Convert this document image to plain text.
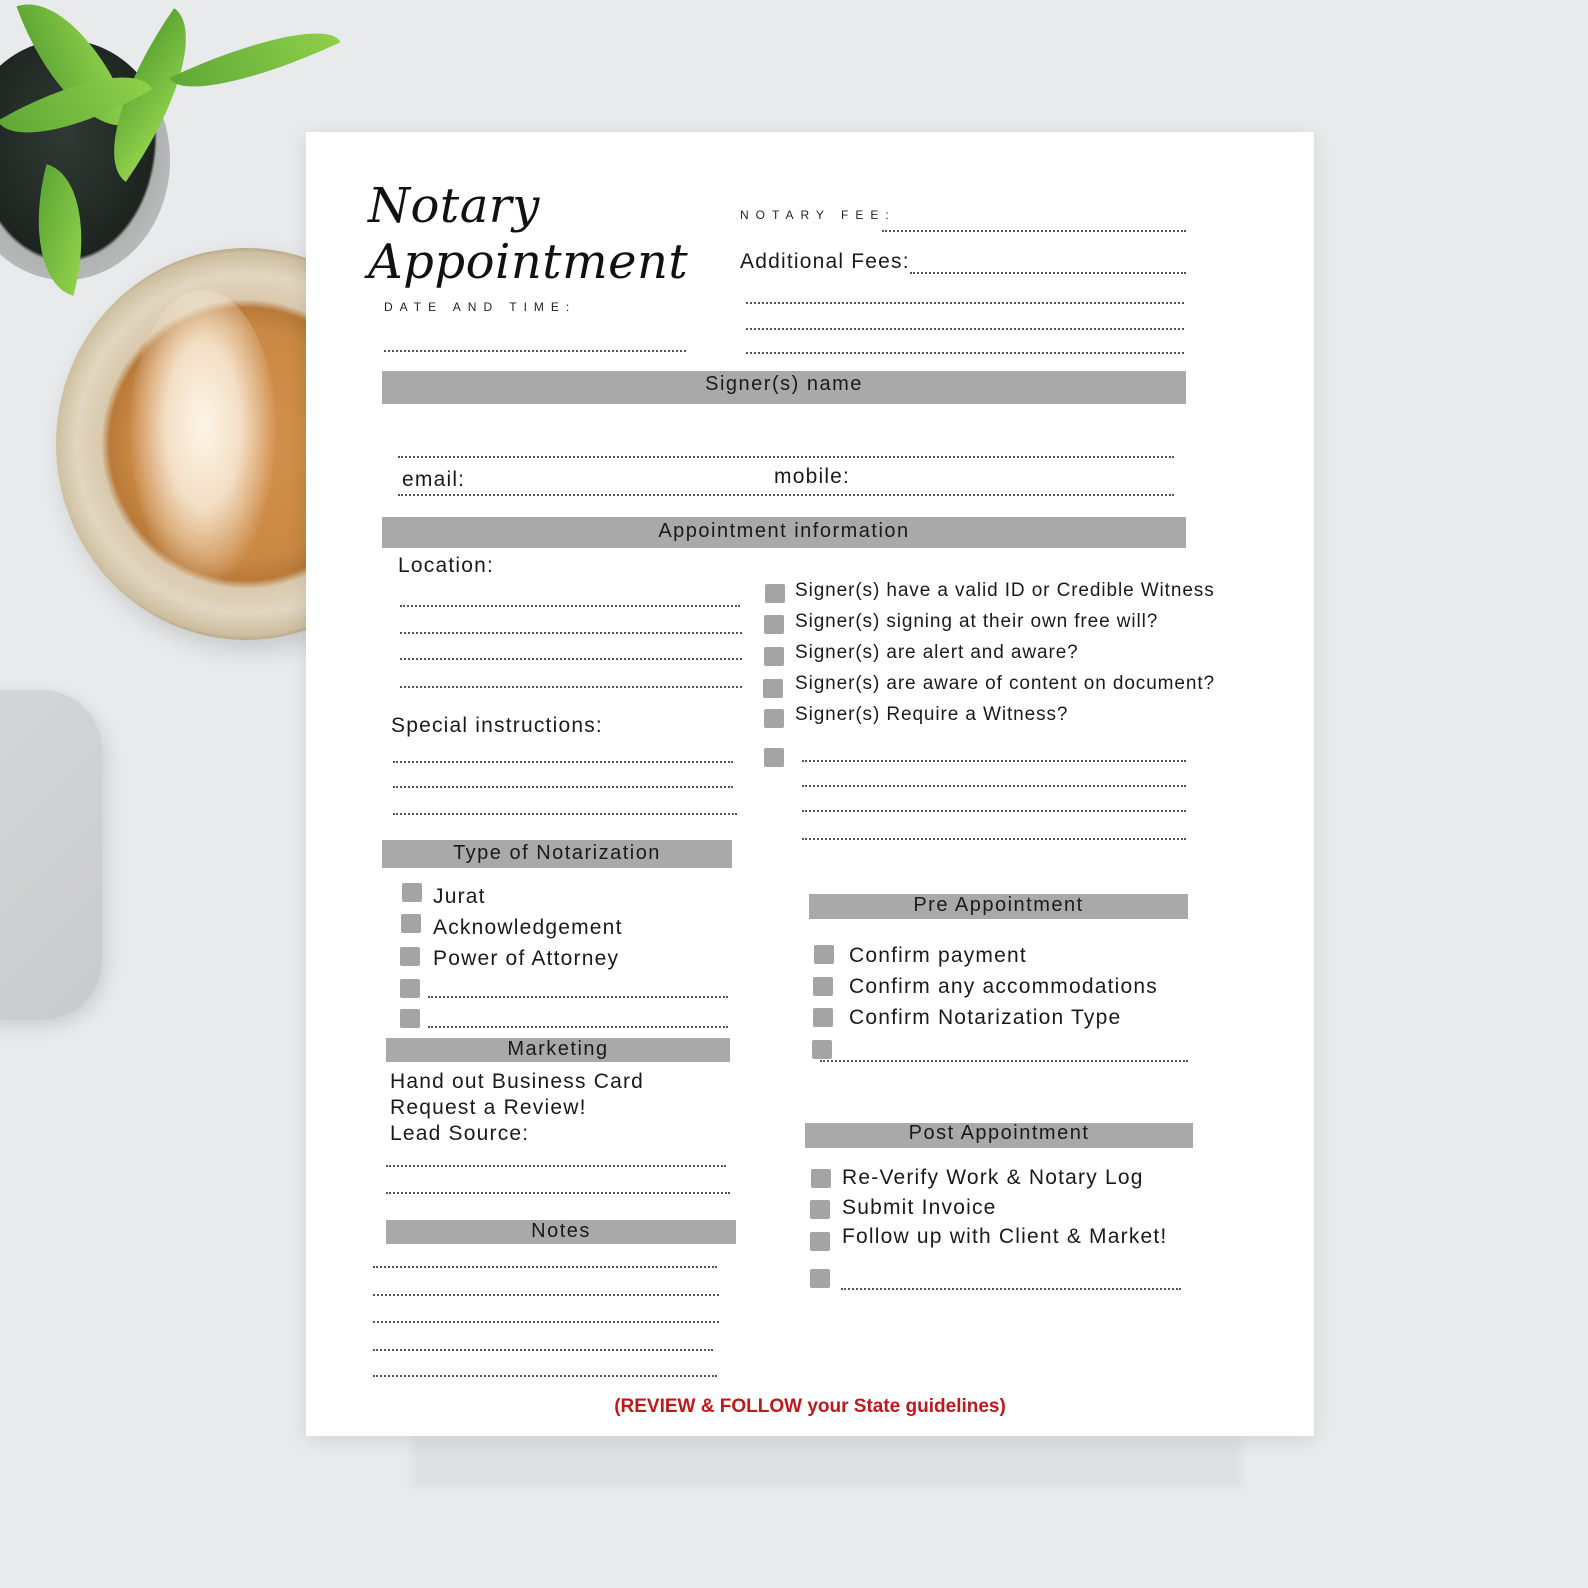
Notary
Appointment
DATE AND TIME:
NOTARY FEE:
Additional Fees:
Signer(s) name
email:	mobile:
Appointment information
Location:
Special instructions:
Signer(s) have a valid ID or Credible Witness
Signer(s) signing at their own free will?
Signer(s) are alert and aware?
Signer(s) are aware of content on document?
Signer(s) Require a Witness?
Type of Notarization
Jurat
Acknowledgement
Power of Attorney
Marketing
Hand out Business Card
Request a Review!
Lead Source:
Notes
Pre Appointment
Confirm payment
Confirm any accommodations
Confirm Notarization Type
Post Appointment
Re-Verify Work & Notary Log
Submit Invoice
Follow up with Client & Market!
(REVIEW & FOLLOW your State guidelines)
